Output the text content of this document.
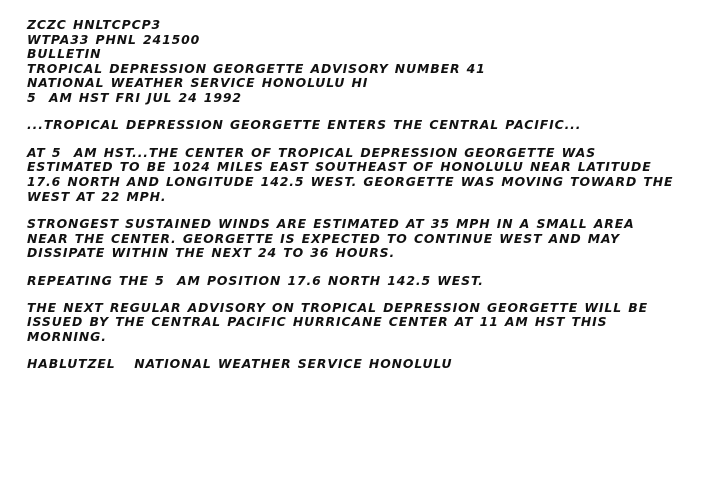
ZCZC HNLTCPCP3
WTPA33 PHNL 241500
BULLETIN
TROPICAL DEPRESSION GEORGETTE ADVISORY NUMBER 41
NATIONAL WEATHER SERVICE HONOLULU HI
5  AM HST FRI JUL 24 1992
...TROPICAL DEPRESSION GEORGETTE ENTERS THE CENTRAL PACIFIC...
AT 5  AM HST...THE CENTER OF TROPICAL DEPRESSION GEORGETTE WAS
ESTIMATED TO BE 1024 MILES EAST SOUTHEAST OF HONOLULU NEAR LATITUDE
17.6 NORTH AND LONGITUDE 142.5 WEST. GEORGETTE WAS MOVING TOWARD THE
WEST AT 22 MPH.
STRONGEST SUSTAINED WINDS ARE ESTIMATED AT 35 MPH IN A SMALL AREA
NEAR THE CENTER. GEORGETTE IS EXPECTED TO CONTINUE WEST AND MAY
DISSIPATE WITHIN THE NEXT 24 TO 36 HOURS.
REPEATING THE 5  AM POSITION 17.6 NORTH 142.5 WEST.
THE NEXT REGULAR ADVISORY ON TROPICAL DEPRESSION GEORGETTE WILL BE
ISSUED BY THE CENTRAL PACIFIC HURRICANE CENTER AT 11 AM HST THIS
MORNING.
HABLUTZEL   NATIONAL WEATHER SERVICE HONOLULU
